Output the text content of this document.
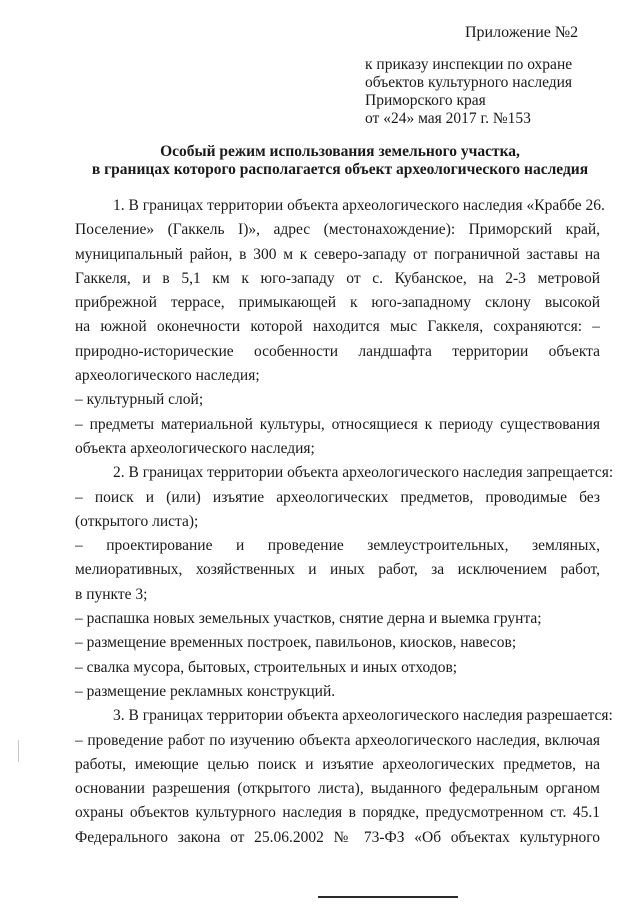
Приложение №2
к приказу инспекции по охране
объектов культурного наследия
Приморского края
от «24» мая 2017 г. №153
Особый режим использования земельного участка,
в границах которого располагается объект археологического наследия
1. В границах территории объекта археологического наследия «Краббе 26.
Поселение» (Гаккель I)», адрес (местонахождение): Приморский край,
муниципальный район, в 300 м к северо-западу от пограничной заставы на
Гаккеля, и в 5,1 км к юго-западу от с. Кубанское, на 2-3 метровой
прибрежной террасе, примыкающей к юго-западному склону высокой
на южной оконечности которой находится мыс Гаккеля, сохраняются: –
природно-исторические особенности ландшафта территории объекта
археологического наследия;
– культурный слой;
– предметы материальной культуры, относящиеся к периоду существования
объекта археологического наследия;
2. В границах территории объекта археологического наследия запрещается:
– поиск и (или) изъятие археологических предметов, проводимые без
(открытого листа);
– проектирование и проведение землеустроительных, земляных,
мелиоративных, хозяйственных и иных работ, за исключением работ,
в пункте 3;
– распашка новых земельных участков, снятие дерна и выемка грунта;
– размещение временных построек, павильонов, киосков, навесов;
– свалка мусора, бытовых, строительных и иных отходов;
– размещение рекламных конструкций.
3. В границах территории объекта археологического наследия разрешается:
– проведение работ по изучению объекта археологического наследия, включая
работы, имеющие целью поиск и изъятие археологических предметов, на
основании разрешения (открытого листа), выданного федеральным органом
охраны объектов культурного наследия в порядке, предусмотренном ст. 45.1
Федерального закона от 25.06.2002 № 73-ФЗ «Об объектах культурного
